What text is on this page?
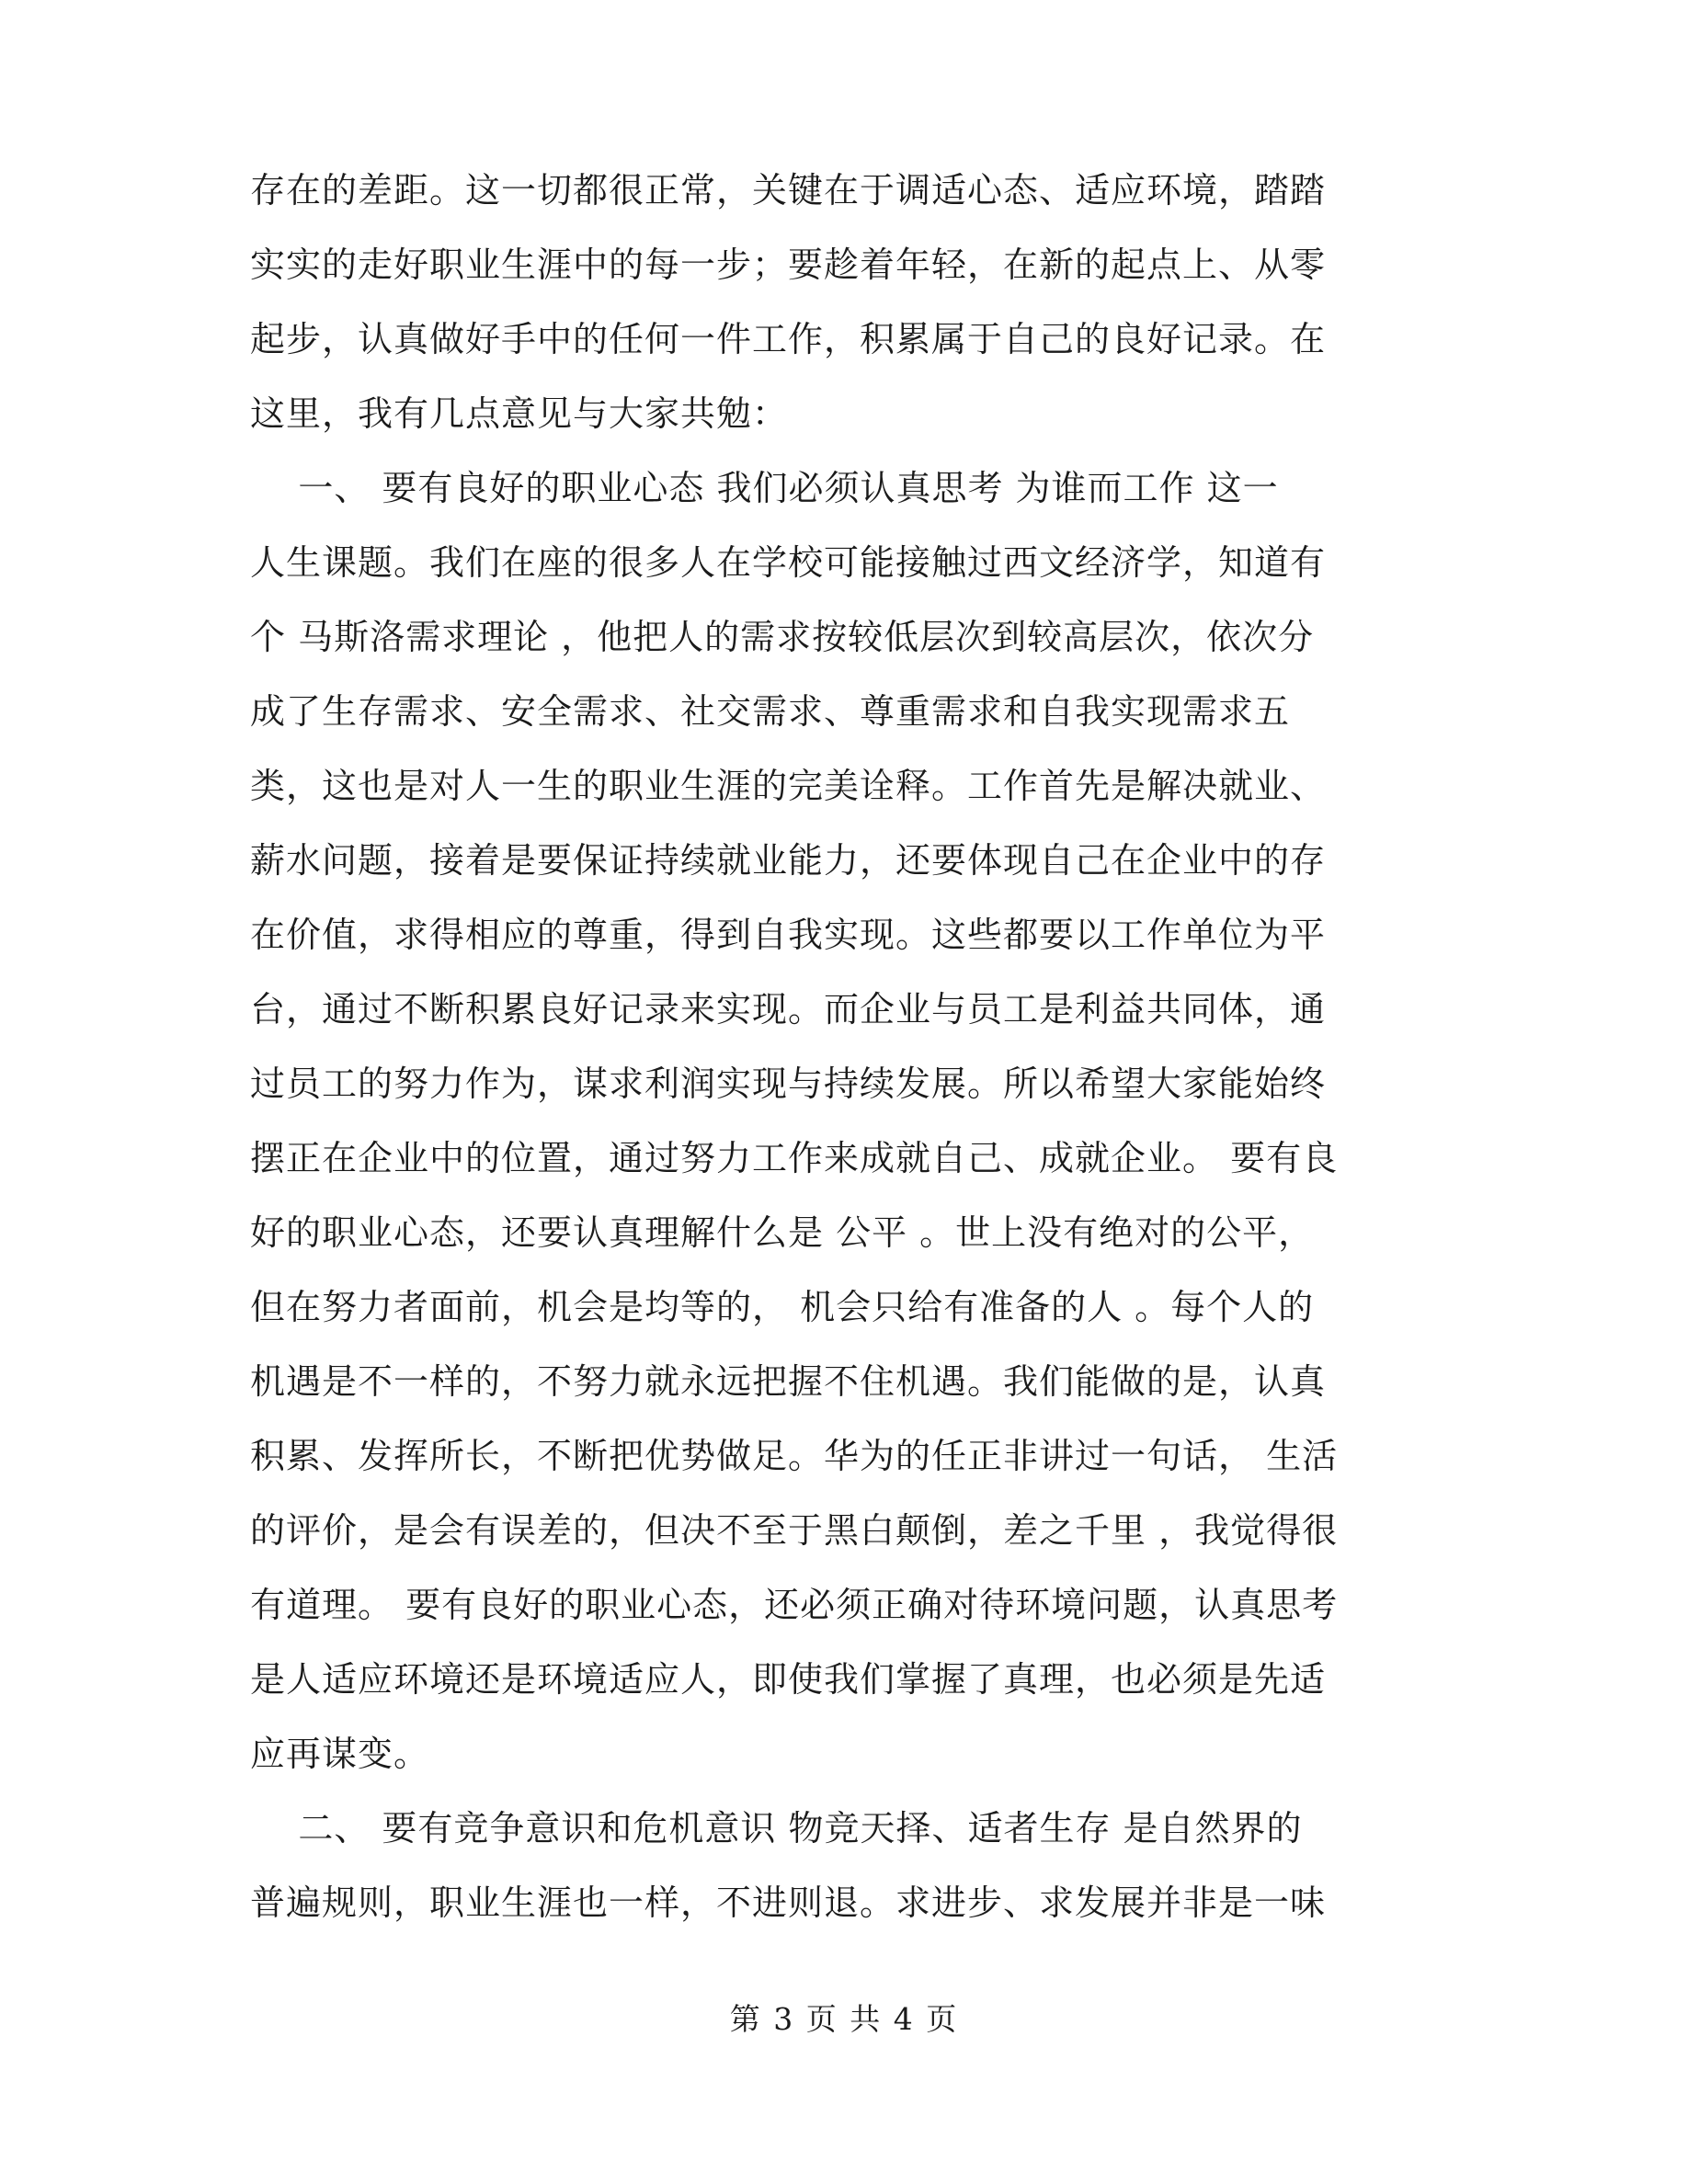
存在的差距。这一切都很正常，关键在于调适心态、适应环境，踏踏
实实的走好职业生涯中的每一步；要趁着年轻，在新的起点上、从零
起步，认真做好手中的任何一件工作，积累属于自己的良好记录。在
这里，我有几点意见与大家共勉：
一、 要有良好的职业心态 我们必须认真思考 为谁而工作 这一
人生课题。我们在座的很多人在学校可能接触过西文经济学，知道有
个 马斯洛需求理论 ，他把人的需求按较低层次到较高层次，依次分
成了生存需求、安全需求、社交需求、尊重需求和自我实现需求五
类，这也是对人一生的职业生涯的完美诠释。工作首先是解决就业、
薪水问题，接着是要保证持续就业能力，还要体现自己在企业中的存
在价值，求得相应的尊重，得到自我实现。这些都要以工作单位为平
台，通过不断积累良好记录来实现。而企业与员工是利益共同体，通
过员工的努力作为，谋求利润实现与持续发展。所以希望大家能始终
摆正在企业中的位置，通过努力工作来成就自己、成就企业。 要有良
好的职业心态，还要认真理解什么是 公平 。世上没有绝对的公平，
但在努力者面前，机会是均等的， 机会只给有准备的人 。每个人的
机遇是不一样的，不努力就永远把握不住机遇。我们能做的是，认真
积累、发挥所长，不断把优势做足。华为的任正非讲过一句话， 生活
的评价，是会有误差的，但决不至于黑白颠倒，差之千里 ，我觉得很
有道理。 要有良好的职业心态，还必须正确对待环境问题，认真思考
是人适应环境还是环境适应人，即使我们掌握了真理，也必须是先适
应再谋变。
二、 要有竞争意识和危机意识 物竞天择、适者生存 是自然界的
普遍规则，职业生涯也一样，不进则退。求进步、求发展并非是一味
第 3 页 共 4 页
